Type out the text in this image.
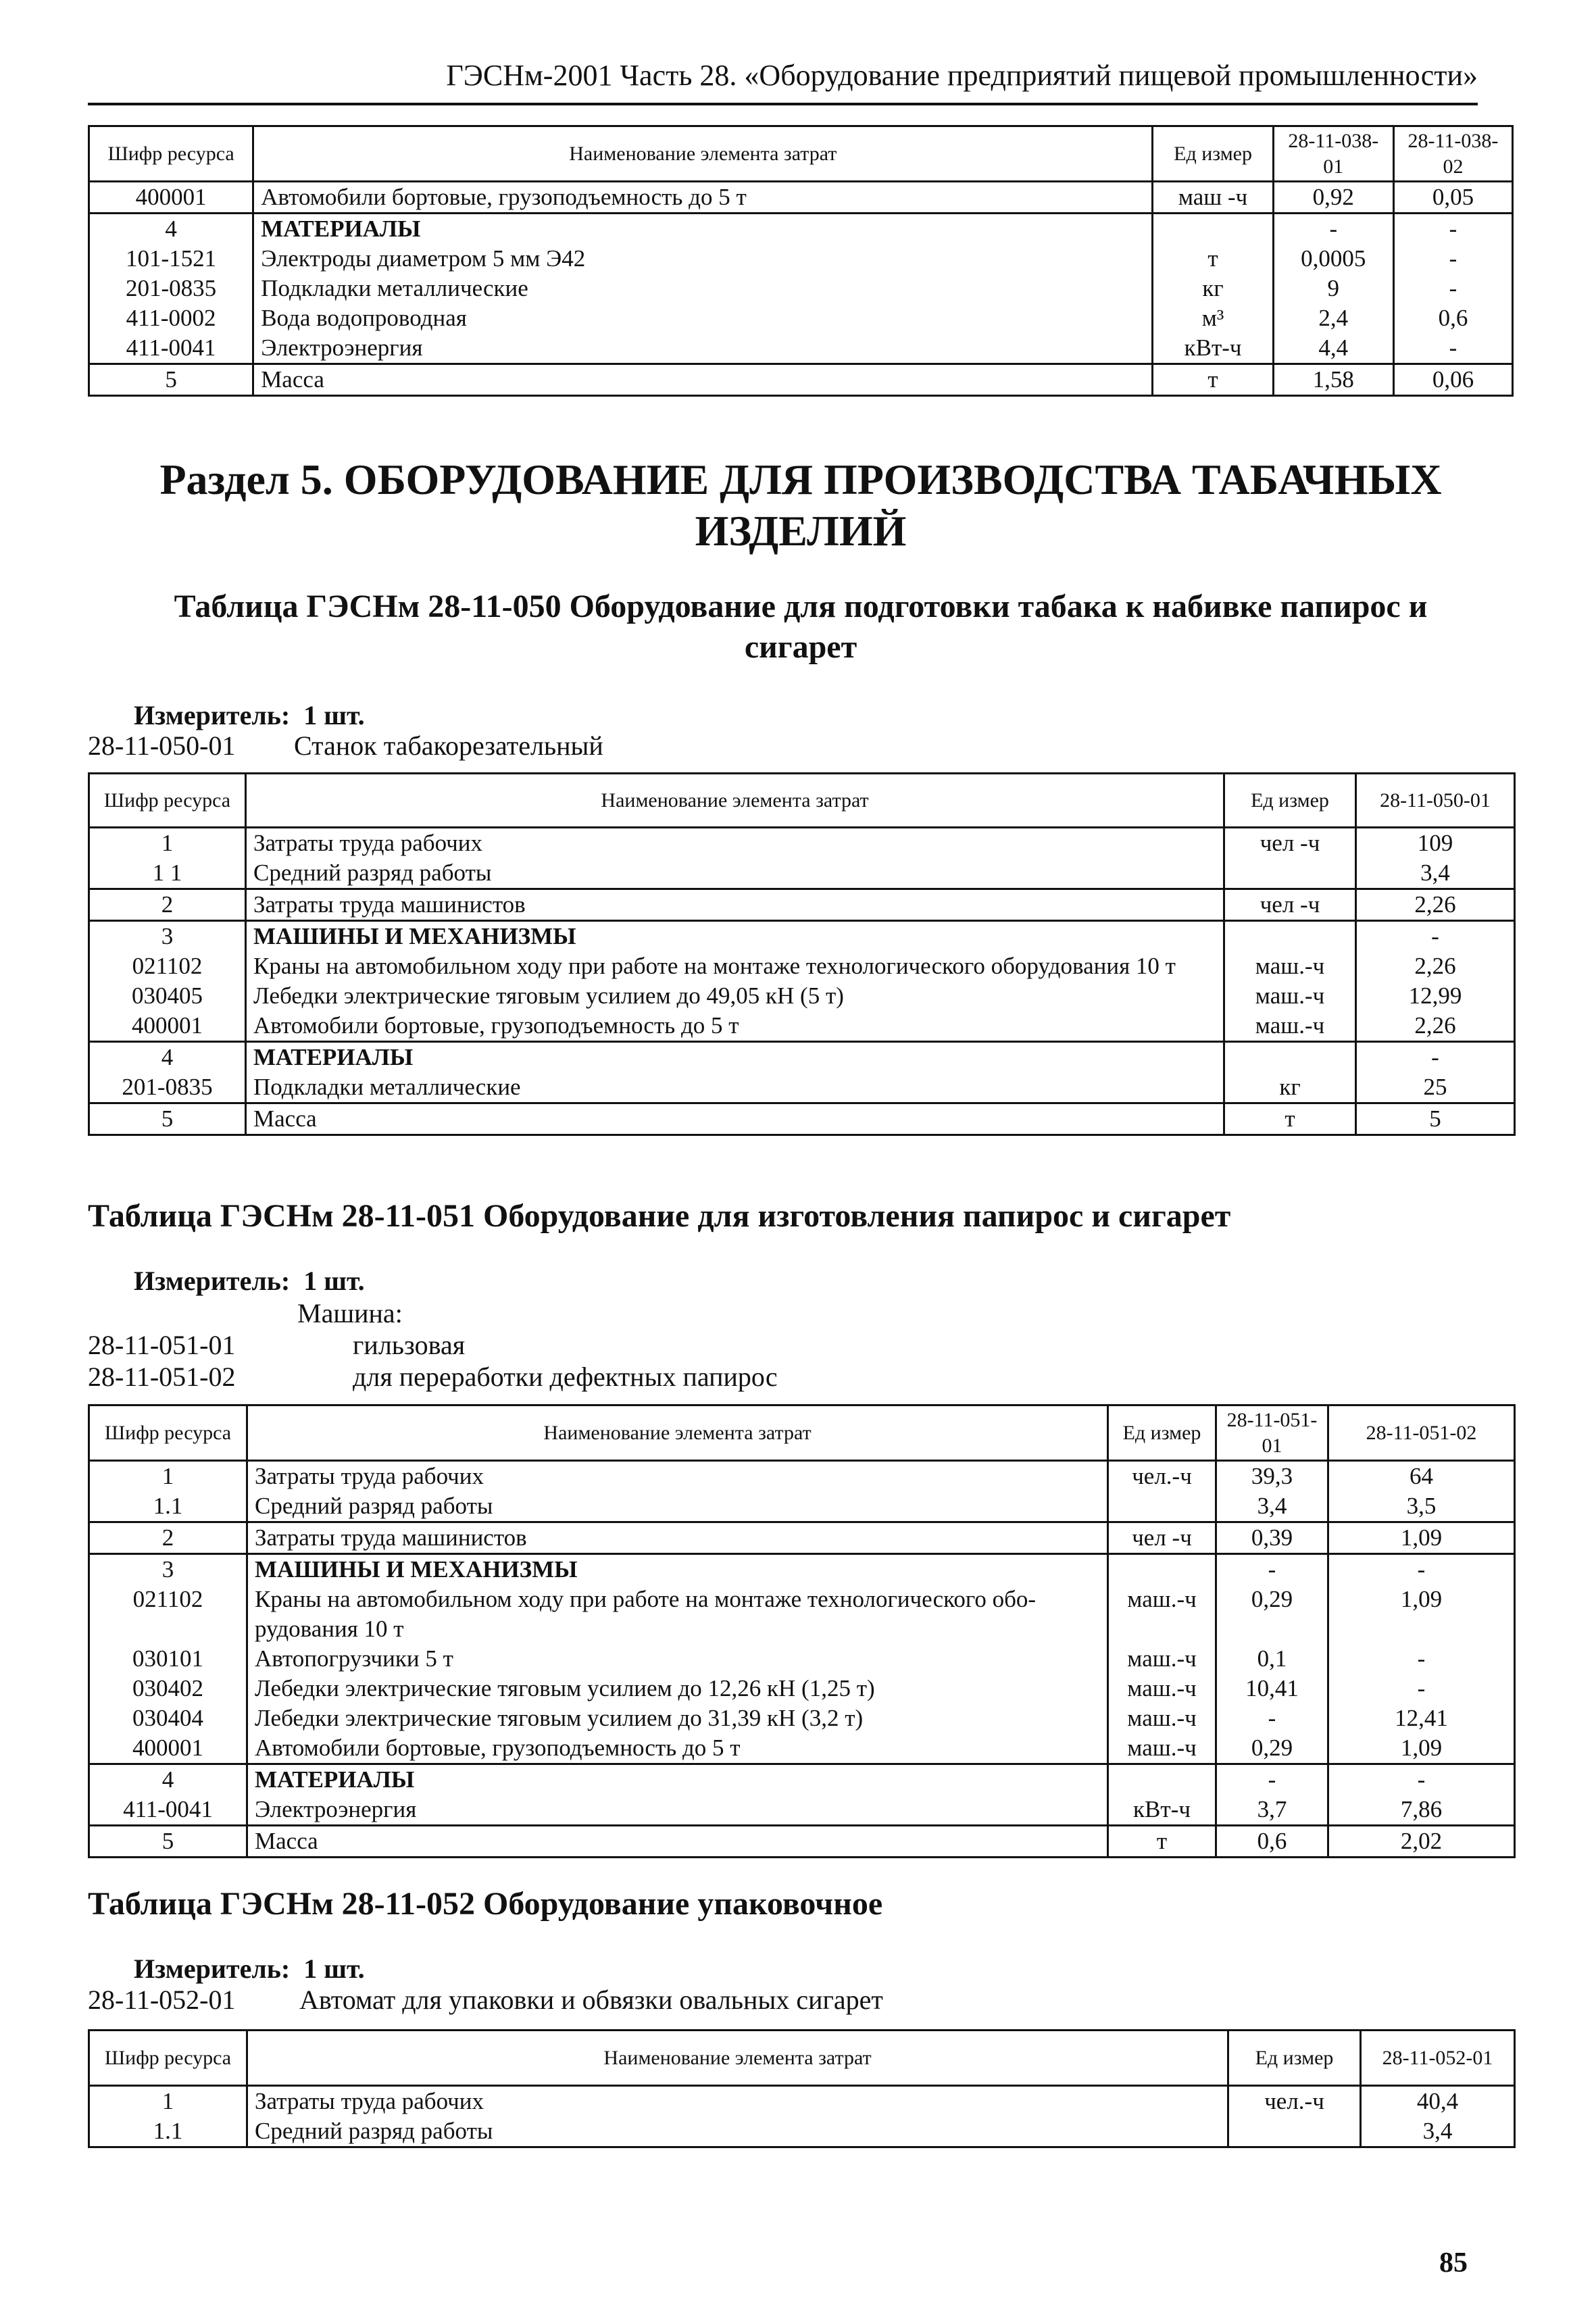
ГЭСНм-2001 Часть 28. «Оборудование предприятий пищевой промышленности»
Шифр ресурса	Наименование элемента затрат	Ед измер	28-11-038-01	28-11-038-02
400001	Автомобили бортовые, грузоподъемность до 5 т	маш -ч	0,92	0,05
4	МАТЕРИАЛЫ		-	-
101-1521	Электроды диаметром 5 мм Э42	т	0,0005	-
201-0835	Подкладки металлические	кг	9	-
411-0002	Вода водопроводная	м³	2,4	0,6
411-0041	Электроэнергия	кВт-ч	4,4	-
5	Масса	т	1,58	0,06
Раздел 5. ОБОРУДОВАНИЕ ДЛЯ ПРОИЗВОДСТВА ТАБАЧНЫХ
ИЗДЕЛИЙ
Таблица ГЭСНм 28-11-050 Оборудование для подготовки табака к набивке папирос и
сигарет
Измеритель: 1 шт.
28-11-050-01 Станок табакорезательный
Шифр ресурса	Наименование элемента затрат	Ед измер	28-11-050-01
1	Затраты труда рабочих	чел -ч	109
1 1	Средний разряд работы		3,4
2	Затраты труда машинистов	чел -ч	2,26
3	МАШИНЫ И МЕХАНИЗМЫ		-
021102	Краны на автомобильном ходу при работе на монтаже технологического оборудования 10 т	маш.-ч	2,26
030405	Лебедки электрические тяговым усилием до 49,05 кН (5 т)	маш.-ч	12,99
400001	Автомобили бортовые, грузоподъемность до 5 т	маш.-ч	2,26
4	МАТЕРИАЛЫ		-
201-0835	Подкладки металлические	кг	25
5	Масса	т	5
Таблица ГЭСНм 28-11-051 Оборудование для изготовления папирос и сигарет
Измеритель: 1 шт.
Машина:
28-11-051-01	гильзовая
28-11-051-02	для переработки дефектных папирос
Шифр ресурса	Наименование элемента затрат	Ед измер	28-11-051-01	28-11-051-02
1	Затраты труда рабочих	чел.-ч	39,3	64
1.1	Средний разряд работы		3,4	3,5
2	Затраты труда машинистов	чел -ч	0,39	1,09
3	МАШИНЫ И МЕХАНИЗМЫ		-	-
021102	Краны на автомобильном ходу при работе на монтаже технологического обо-рудования 10 т	маш.-ч	0,29	1,09
030101	Автопогрузчики 5 т	маш.-ч	0,1	-
030402	Лебедки электрические тяговым усилием до 12,26 кН (1,25 т)	маш.-ч	10,41	-
030404	Лебедки электрические тяговым усилием до 31,39 кН (3,2 т)	маш.-ч	-	12,41
400001	Автомобили бортовые, грузоподъемность до 5 т	маш.-ч	0,29	1,09
4	МАТЕРИАЛЫ		-	-
411-0041	Электроэнергия	кВт-ч	3,7	7,86
5	Масса	т	0,6	2,02
Таблица ГЭСНм 28-11-052 Оборудование упаковочное
Измеритель: 1 шт.
28-11-052-01 Автомат для упаковки и обвязки овальных сигарет
Шифр ресурса	Наименование элемента затрат	Ед измер	28-11-052-01
1	Затраты труда рабочих	чел.-ч	40,4
1.1	Средний разряд работы		3,4
85
